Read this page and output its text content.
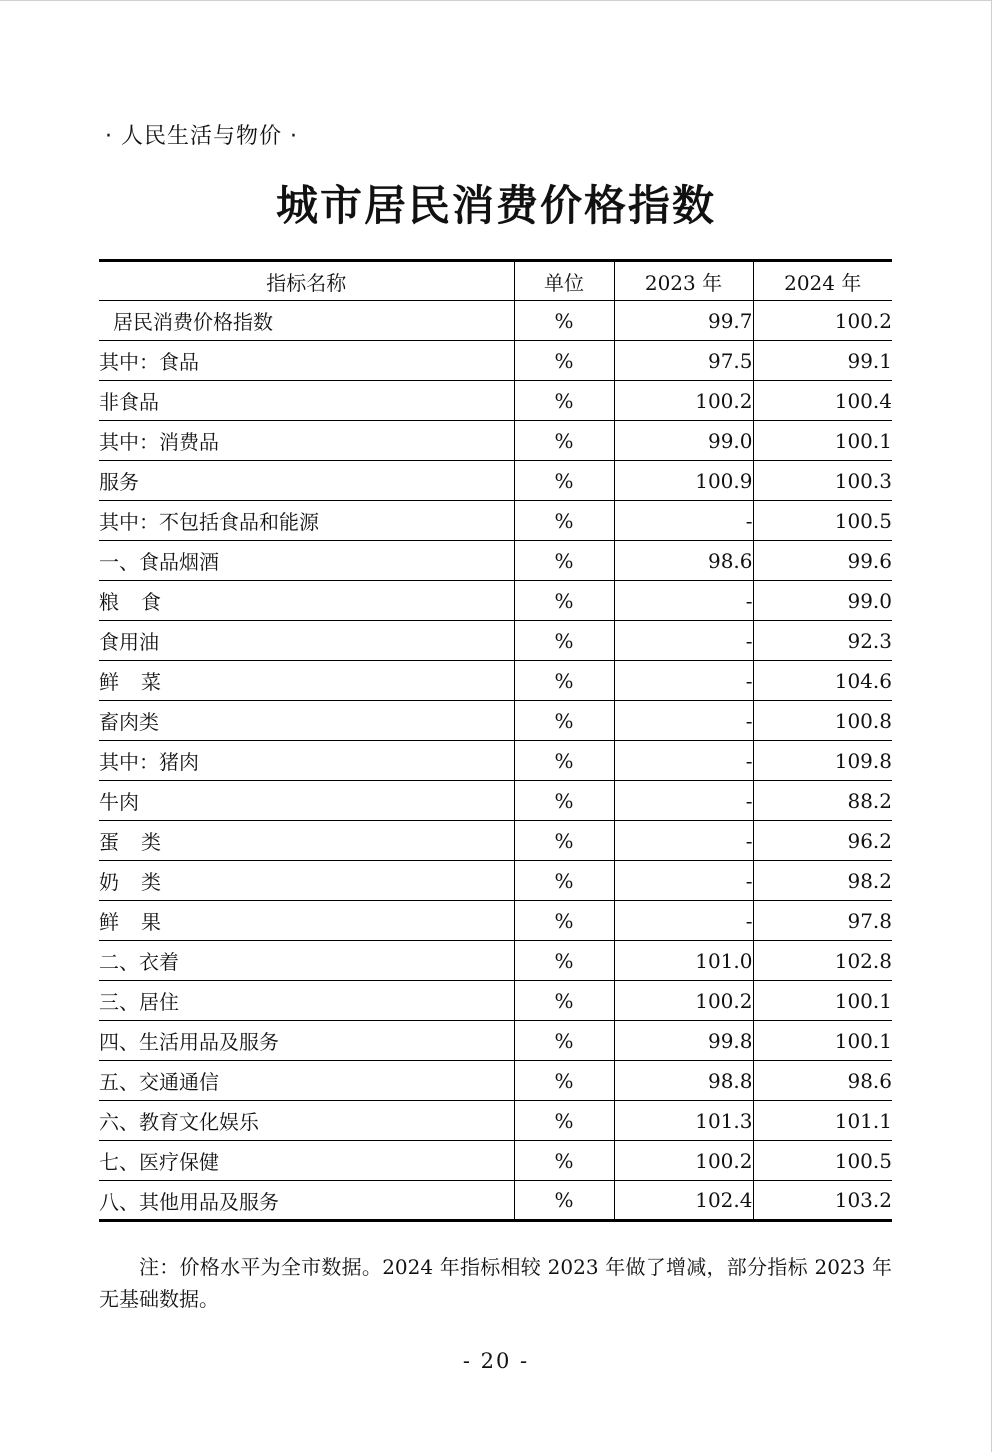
· 人民生活与物价 ·
城市居民消费价格指数
指标名称	单位	2023 年	2024 年
居民消费价格指数	%	99.7	100.2
其中：食品	%	97.5	99.1
非食品	%	100.2	100.4
其中：消费品	%	99.0	100.1
服务	%	100.9	100.3
其中：不包括食品和能源	%	-	100.5
一、食品烟酒	%	98.6	99.6
粮食	%	-	99.0
食用油	%	-	92.3
鲜菜	%	-	104.6
畜肉类	%	-	100.8
其中：猪肉	%	-	109.8
牛肉	%	-	88.2
蛋类	%	-	96.2
奶类	%	-	98.2
鲜果	%	-	97.8
二、衣着	%	101.0	102.8
三、居住	%	100.2	100.1
四、生活用品及服务	%	99.8	100.1
五、交通通信	%	98.8	98.6
六、教育文化娱乐	%	101.3	101.1
七、医疗保健	%	100.2	100.5
八、其他用品及服务	%	102.4	103.2
注：价格水平为全市数据。2024 年指标相较 2023 年做了增减，部分指标 2023 年无基础数据。
- 20 -
